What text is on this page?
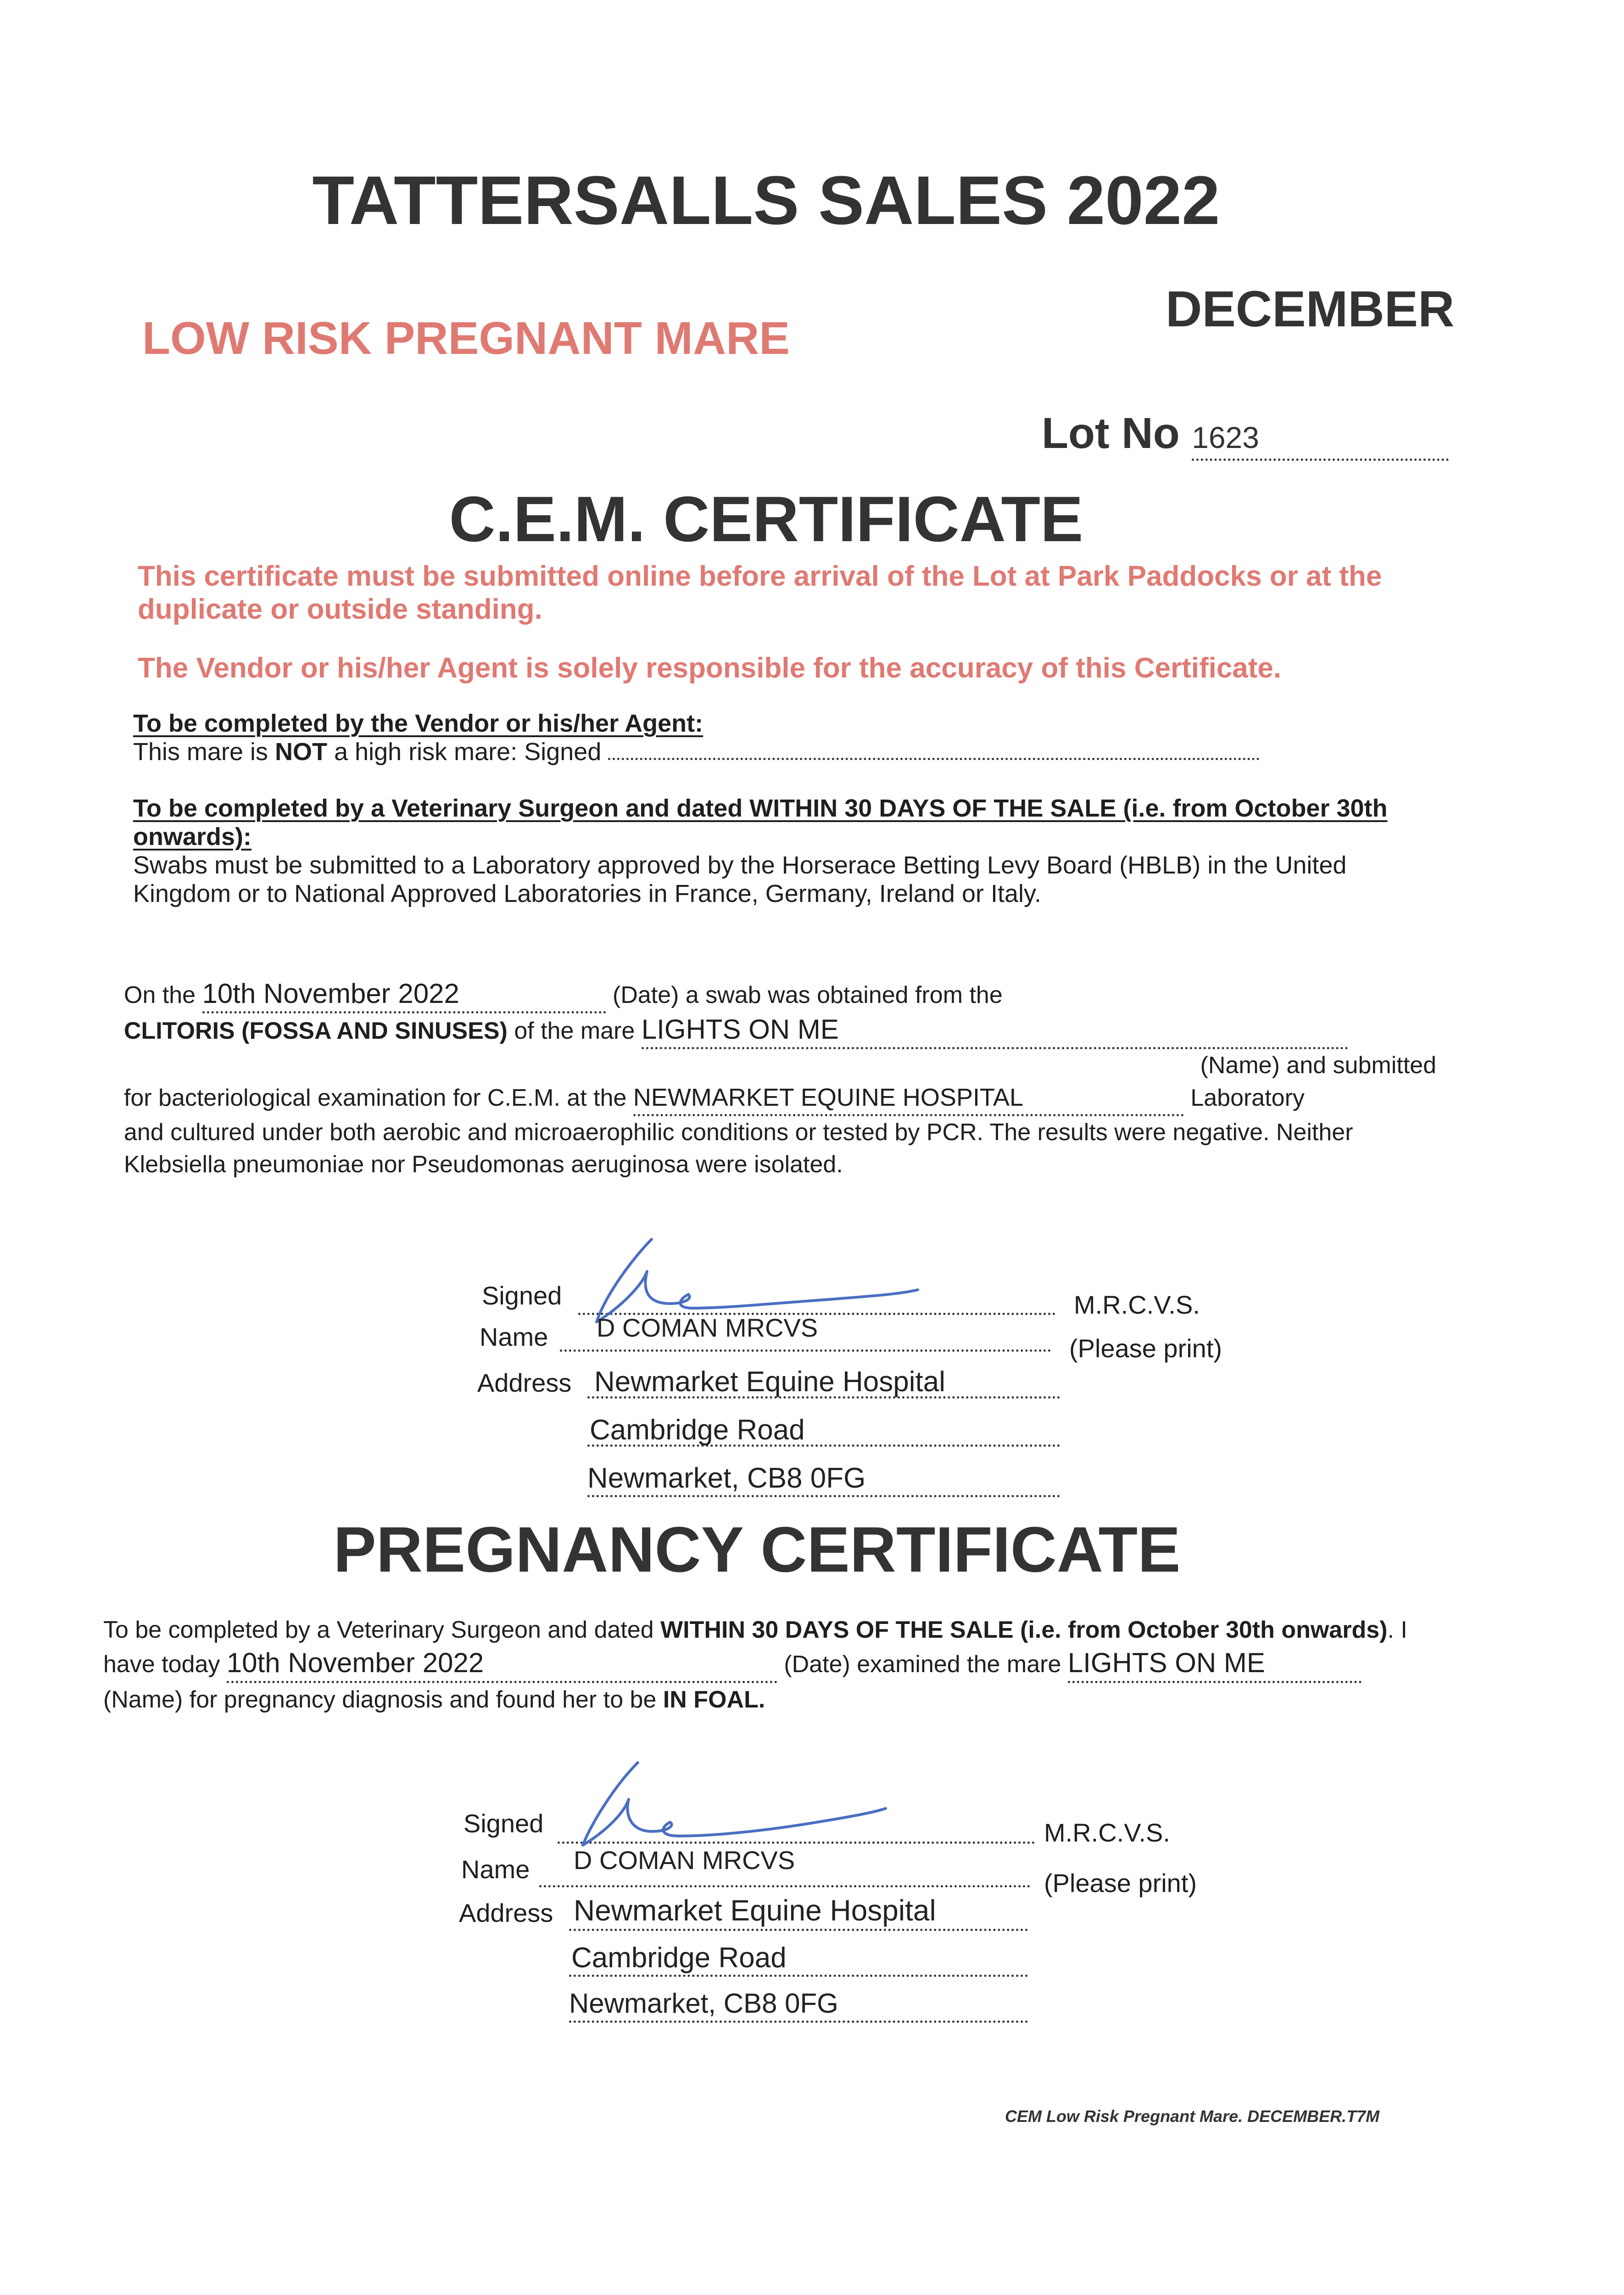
TATTERSALLS SALES 2022
DECEMBER
LOW RISK PREGNANT MARE
Lot No 1623
C.E.M. CERTIFICATE
This certificate must be submitted online before arrival of the Lot at Park Paddocks or at the duplicate or outside standing.
The Vendor or his/her Agent is solely responsible for the accuracy of this Certificate.
To be completed by the Vendor or his/her Agent:
This mare is NOT a high risk mare: Signed
To be completed by a Veterinary Surgeon and dated WITHIN 30 DAYS OF THE SALE (i.e. from October 30th onwards):
Swabs must be submitted to a Laboratory approved by the Horserace Betting Levy Board (HBLB) in the United Kingdom or to National Approved Laboratories in France, Germany, Ireland or Italy.
On the 10th November 2022	(Date) a swab was obtained from the
CLITORIS (FOSSA AND SINUSES) of the mare LIGHTS ON ME
(Name) and submitted
for bacteriological examination for C.E.M. at the NEWMARKET EQUINE HOSPITAL	Laboratory
and cultured under both aerobic and microaerophilic conditions or tested by PCR. The results were negative. Neither Klebsiella pneumoniae nor Pseudomonas aeruginosa were isolated.
Signed	M.R.C.V.S.
Name D COMAN MRCVS
(Please print)
Address Newmarket Equine Hospital
Cambridge Road
Newmarket, CB8 0FG
PREGNANCY CERTIFICATE
To be completed by a Veterinary Surgeon and dated WITHIN 30 DAYS OF THE SALE (i.e. from October 30th onwards). I have today 10th November 2022	(Date) examined the mare LIGHTS ON ME (Name) for pregnancy diagnosis and found her to be IN FOAL.
Signed	M.R.C.V.S.
Name D COMAN MRCVS
(Please print)
Address Newmarket Equine Hospital
Cambridge Road
Newmarket, CB8 0FG
CEM Low Risk Pregnant Mare. DECEMBER.T7M
